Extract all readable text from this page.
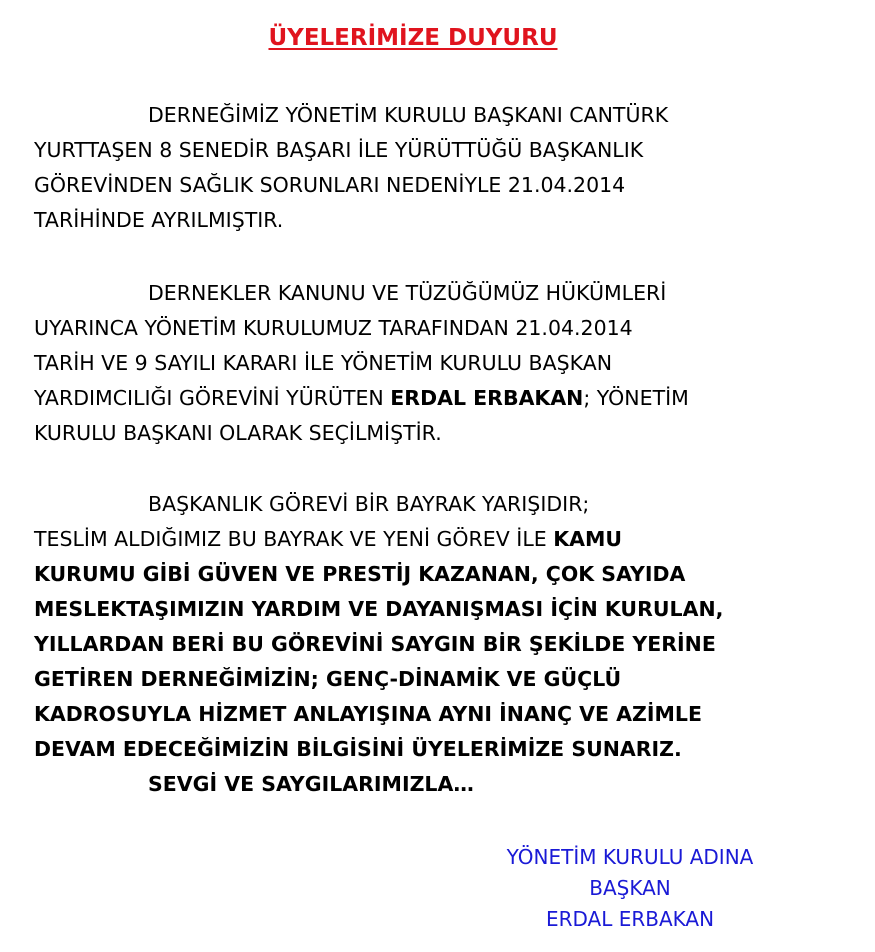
ÜYELERİMİZE DUYURU
DERNEĞİMİZ YÖNETİM KURULU BAŞKANI CANTÜRK
YURTTAŞEN 8 SENEDİR BAŞARI İLE YÜRÜTTÜĞÜ BAŞKANLIK
GÖREVİNDEN SAĞLIK SORUNLARI NEDENİYLE 21.04.2014
TARİHİNDE AYRILMIŞTIR.
DERNEKLER KANUNU VE TÜZÜĞÜMÜZ HÜKÜMLERİ
UYARINCA YÖNETİM KURULUMUZ TARAFINDAN 21.04.2014
TARİH VE 9 SAYILI KARARI İLE YÖNETİM KURULU BAŞKAN
YARDIMCILIĞI GÖREVİNİ YÜRÜTEN ERDAL ERBAKAN; YÖNETİM
KURULU BAŞKANI OLARAK SEÇİLMİŞTİR.
BAŞKANLIK GÖREVİ BİR BAYRAK YARIŞIDIR;
TESLİM ALDIĞIMIZ BU BAYRAK VE YENİ GÖREV İLE KAMU
KURUMU GİBİ GÜVEN VE PRESTİJ KAZANAN, ÇOK SAYIDA
MESLEKTAŞIMIZIN YARDIM VE DAYANIŞMASI İÇİN KURULAN,
YILLARDAN BERİ BU GÖREVİNİ SAYGIN BİR ŞEKİLDE YERİNE
GETİREN DERNEĞİMİZİN; GENÇ-DİNAMİK VE GÜÇLÜ
KADROSUYLA HİZMET ANLAYIŞINA AYNI İNANÇ VE AZİMLE
DEVAM EDECEĞİMİZİN BİLGİSİNİ ÜYELERİMİZE SUNARIZ.
SEVGİ VE SAYGILARIMIZLA…
YÖNETİM KURULU ADINA
BAŞKAN
ERDAL ERBAKAN
